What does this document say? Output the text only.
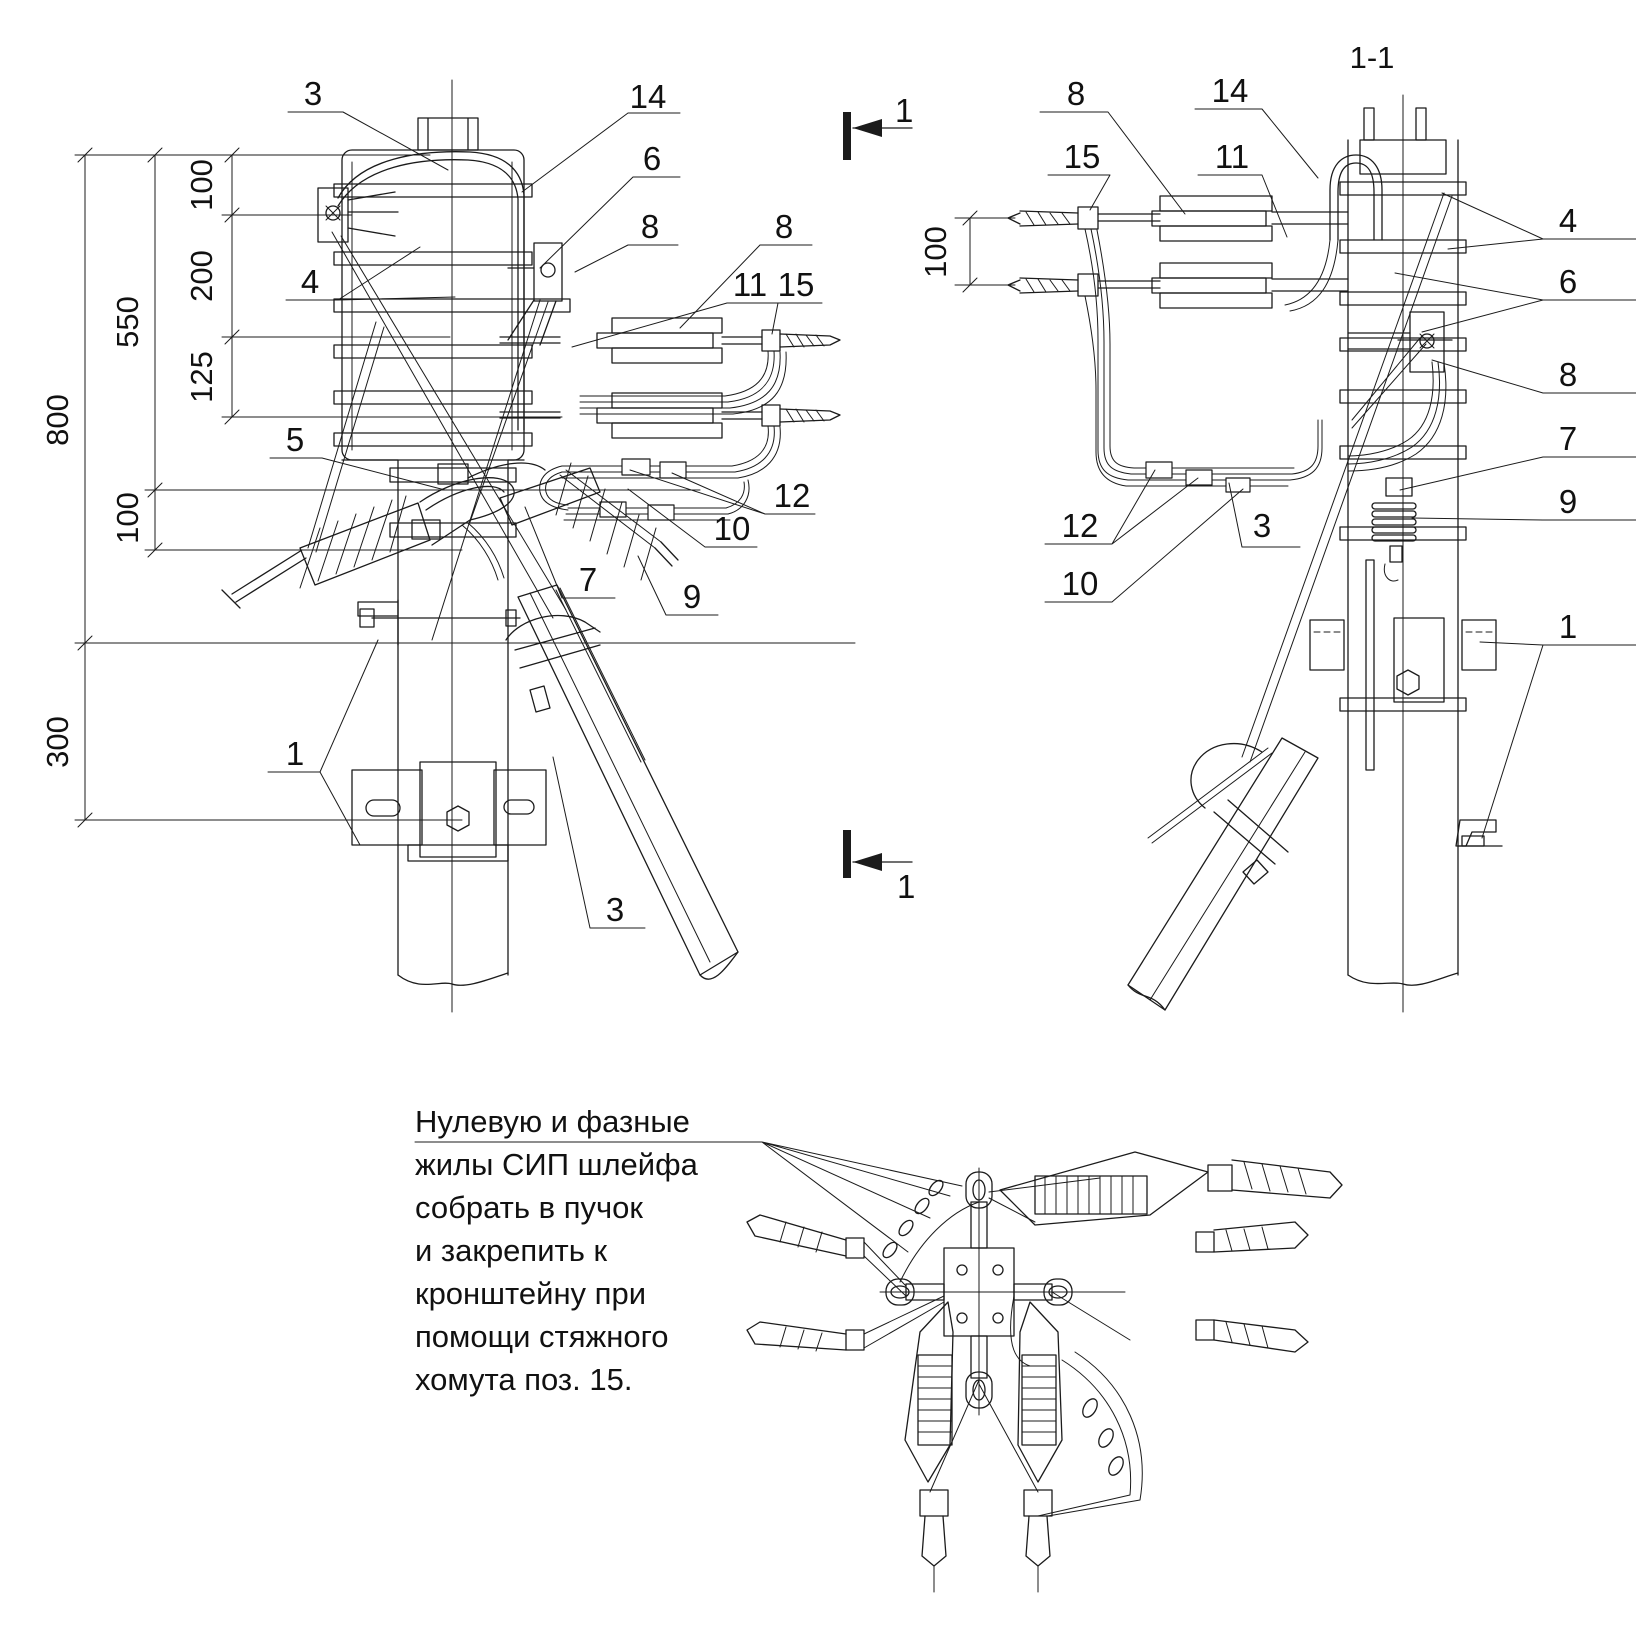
1
1
1-1
3	14
6
8	8
11 15
4
5
12
10
7	9
1
3
100
200
550
125
800
100
300
8	14
15	11
4
6
8
7
9
12	3
10
1
100
Нулевую и фазные
жилы СИП шлейфа
собрать в пучок
и закрепить к
кронштейну при
помощи стяжного
хомута поз. 15.
